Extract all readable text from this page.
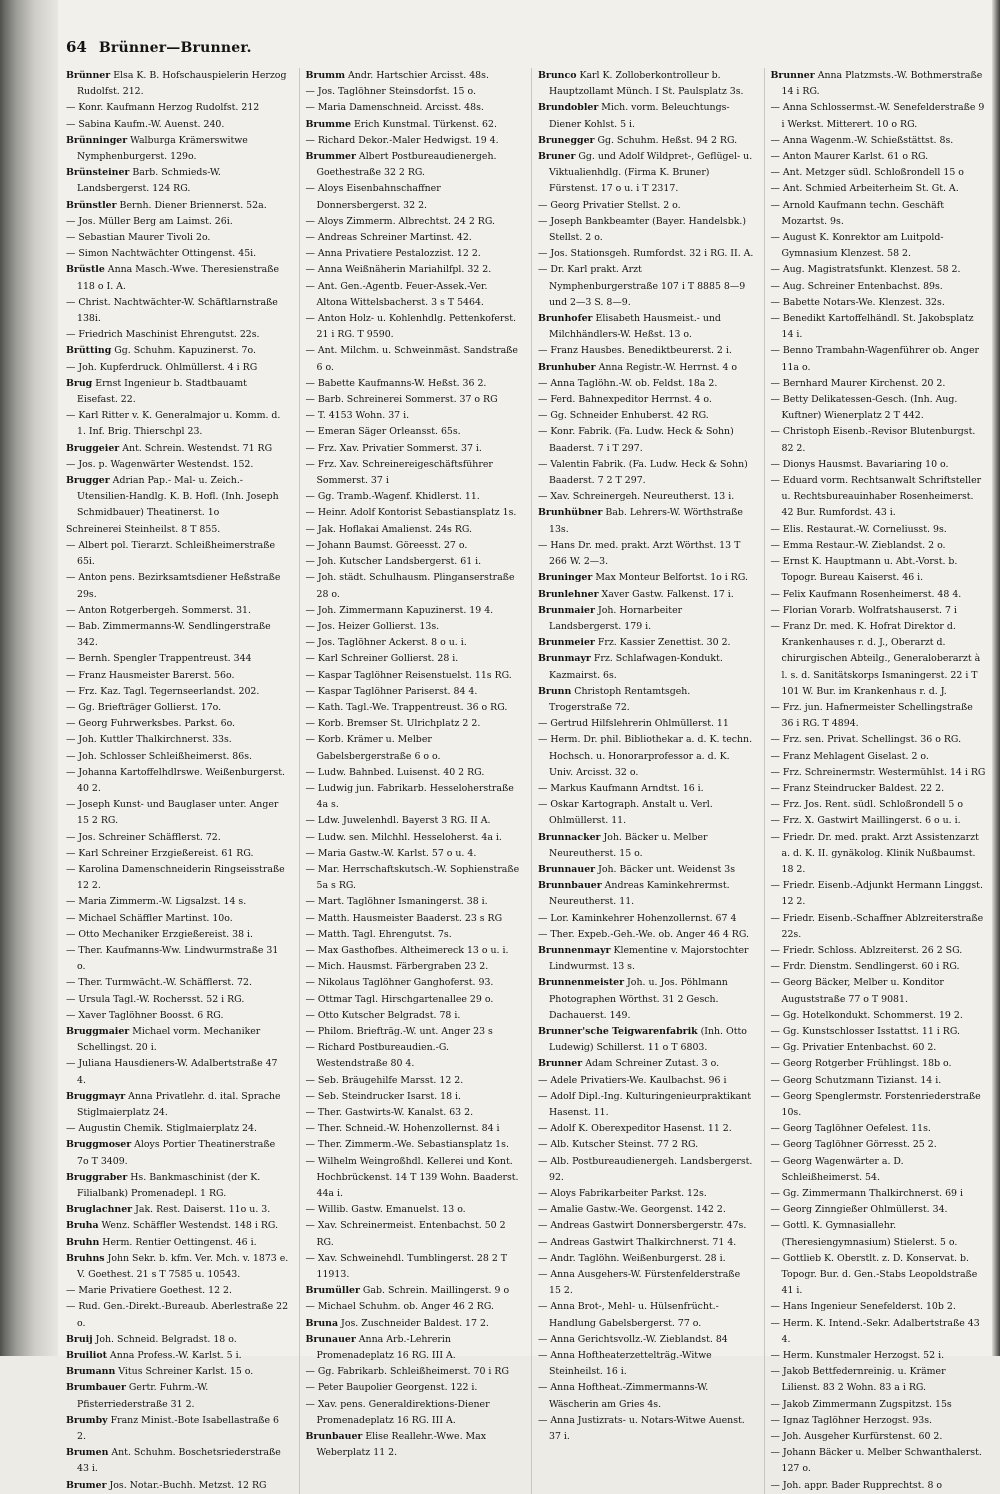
64 Brünner—Brunner.

Brünner Elsa K. B. Hofschauspielerin Herzog Rudolfst. 212.

— Konr. Kaufmann Herzog Rudolfst. 212

— Sabina Kaufm.-W. Auenst. 240.

Brünninger Walburga Krämerswitwe Nymphenburgerst. 129o.

Brünsteiner Barb. Schmieds-W. Landsbergerst. 124 RG.

Brünstler Bernh. Diener Briennerst. 52a.

— Jos. Müller Berg am Laimst. 26i.

— Sebastian Maurer Tivoli 2o.

— Simon Nachtwächter Ottingenst. 45i.

Brüstle Anna Masch.-Wwe. Theresienstraße 118 o I. A.

— Christ. Nachtwächter-W. Schäftlarnstraße 138i.

— Friedrich Maschinist Ehrengutst. 22s.

Brütting Gg. Schuhm. Kapuzinerst. 7o.

— Joh. Kupferdruck. Ohlmüllerst. 4 i RG

Brug Ernst Ingenieur b. Stadtbauamt Eisefast. 22.

— Karl Ritter v. K. Generalmajor u. Komm. d. 1. Inf. Brig. Thierschpl 23.

Bruggeier Ant. Schrein. Westendst. 71 RG

— Jos. p. Wagenwärter Westendst. 152.

Brugger Adrian Pap.- Mal- u. Zeich.-Utensilien-Handlg. K. B. Hofl. (Inh. Joseph Schmidbauer) Theatinerst. 1o

Schreinerei Steinheilst. 8 T 855.

— Albert pol. Tierarzt. Schleißheimerstraße 65i.

— Anton pens. Bezirksamtsdiener Heßstraße 29s.

— Anton Rotgerbergeh. Sommerst. 31.

— Bab. Zimmermanns-W. Sendlingerstraße 342.

— Bernh. Spengler Trappentreust. 344

— Franz Hausmeister Barerst. 56o.

— Frz. Kaz. Tagl. Tegernseerlandst. 202.

— Gg. Briefträger Gollierst. 17o.

— Georg Fuhrwerksbes. Parkst. 6o.

— Joh. Kuttler Thalkirchnerst. 33s.

— Joh. Schlosser Schleißheimerst. 86s.

— Johanna Kartoffelhdlrswe. Weißenburgerst. 40 2.

— Joseph Kunst- und Bauglaser unter. Anger 15 2 RG.

— Jos. Schreiner Schäfflerst. 72.

— Karl Schreiner Erzgießereist. 61 RG.

— Karolina Damenschneiderin Ringseisstraße 12 2.

— Maria Zimmerm.-W. Ligsalzst. 14 s.

— Michael Schäffler Martinst. 10o.

— Otto Mechaniker Erzgießereist. 38 i.

— Ther. Kaufmanns-Ww. Lindwurmstraße 31 o.

— Ther. Turmwächt.-W. Schäfflerst. 72.

— Ursula Tagl.-W. Rochersst. 52 i RG.

— Xaver Taglöhner Boosst. 6 RG.

Bruggmaier Michael vorm. Mechaniker Schellingst. 20 i.

— Juliana Hausdieners-W. Adalbertstraße 47 4.

Bruggmayr Anna Privatlehr. d. ital. Sprache Stiglmaierplatz 24.

— Augustin Chemik. Stiglmaierplatz 24.

Bruggmoser Aloys Portier Theatinerstraße 7o T 3409.

Bruggraber Hs. Bankmaschinist (der K. Filialbank) Promenadepl. 1 RG.

Bruglachner Jak. Rest. Daiserst. 11o u. 3.

Bruha Wenz. Schäffler Westendst. 148 i RG.

Bruhn Herm. Rentier Oettingenst. 46 i.

Bruhns John Sekr. b. kfm. Ver. Mch. v. 1873 e. V. Goethest. 21 s T 7585 u. 10543.

— Marie Privatiere Goethest. 12 2.

— Rud. Gen.-Direkt.-Bureaub. Aberlestraße 22 o.

Bruij Joh. Schneid. Belgradst. 18 o.

Bruiliot Anna Profess.-W. Karlst. 5 i.

Brumann Vitus Schreiner Karlst. 15 o.

Brumbauer Gertr. Fuhrm.-W. Pfisterriederstraße 31 2.

Brumby Franz Minist.-Bote Isabellastraße 6 2.

Brumen Ant. Schuhm. Boschetsriederstraße 43 i.

Brumer Jos. Notar.-Buchh. Metzst. 12 RG

Brumm Andr. Hartschier Arcisst. 48s.

— Jos. Taglöhner Steinsdorfst. 15 o.

— Maria Damenschneid. Arcisst. 48s.

Brumme Erich Kunstmal. Türkenst. 62.

— Richard Dekor.-Maler Hedwigst. 19 4.

Brummer Albert Postbureaudienergeh. Goethestraße 32 2 RG.

— Aloys Eisenbahnschaffner Donnersbergerst. 32 2.

— Aloys Zimmerm. Albrechtst. 24 2 RG.

— Andreas Schreiner Martinst. 42.

— Anna Privatiere Pestalozzist. 12 2.

— Anna Weißnäherin Mariahilfpl. 32 2.

— Ant. Gen.-Agentb. Feuer-Assek.-Ver. Altona Wittelsbacherst. 3 s T 5464.

— Anton Holz- u. Kohlenhdlg. Pettenkoferst. 21 i RG. T 9590.

— Ant. Milchm. u. Schweinmäst. Sandstraße 6 o.

— Babette Kaufmanns-W. Heßst. 36 2.

— Barb. Schreinerei Sommerst. 37 o RG

— T. 4153 Wohn. 37 i.

— Emeran Säger Orleansst. 65s.

— Frz. Xav. Privatier Sommerst. 37 i.

— Frz. Xav. Schreinereigeschäftsführer Sommerst. 37 i

— Gg. Tramb.-Wagenf. Khidlerst. 11.

— Heinr. Adolf Kontorist Sebastiansplatz 1s.

— Jak. Hoflakai Amalienst. 24s RG.

— Johann Baumst. Göreesst. 27 o.

— Joh. Kutscher Landsbergerst. 61 i.

— Joh. städt. Schulhausm. Plinganserstraße 28 o.

— Joh. Zimmermann Kapuzinerst. 19 4.

— Jos. Heizer Gollierst. 13s.

— Jos. Taglöhner Ackerst. 8 o u. i.

— Karl Schreiner Gollierst. 28 i.

— Kaspar Taglöhner Reisenstuelst. 11s RG.

— Kaspar Taglöhner Pariserst. 84 4.

— Kath. Tagl.-We. Trappentreust. 36 o RG.

— Korb. Bremser St. Ulrichplatz 2 2.

— Korb. Krämer u. Melber Gabelsbergerstraße 6 o o.

— Ludw. Bahnbed. Luisenst. 40 2 RG.

— Ludwig jun. Fabrikarb. Hesseloherstraße 4a s.

— Ldw. Juwelenhdl. Bayerst 3 RG. II A.

— Ludw. sen. Milchhl. Hesseloherst. 4a i.

— Maria Gastw.-W. Karlst. 57 o u. 4.

— Mar. Herrschaftskutsch.-W. Sophienstraße 5a s RG.

— Mart. Taglöhner Ismaningerst. 38 i.

— Matth. Hausmeister Baaderst. 23 s RG

— Matth. Tagl. Ehrengutst. 7s.

— Max Gasthofbes. Altheimereck 13 o u. i.

— Mich. Hausmst. Färbergraben 23 2.

— Nikolaus Taglöhner Ganghoferst. 93.

— Ottmar Tagl. Hirschgartenallee 29 o.

— Otto Kutscher Belgradst. 78 i.

— Philom. Briefträg.-W. unt. Anger 23 s

— Richard Postbureaudien.-G. Westendstraße 80 4.

— Seb. Bräugehilfe Marsst. 12 2.

— Seb. Steindrucker Isarst. 18 i.

— Ther. Gastwirts-W. Kanalst. 63 2.

— Ther. Schneid.-W. Hohenzollernst. 84 i

— Ther. Zimmerm.-We. Sebastiansplatz 1s.

— Wilhelm Weingroßhdl. Kellerei und Kont. Hochbrückenst. 14 T 139 Wohn. Baaderst. 44a i.

— Willib. Gastw. Emanuelst. 13 o.

— Xav. Schreinermeist. Entenbachst. 50 2 RG.

— Xav. Schweinehdl. Tumblingerst. 28 2 T 11913.

Brumüller Gab. Schrein. Maillingerst. 9 o

— Michael Schuhm. ob. Anger 46 2 RG.

Bruna Jos. Zuschneider Baldest. 17 2.

Brunauer Anna Arb.-Lehrerin Promenadeplatz 16 RG. III A.

— Gg. Fabrikarb. Schleißheimerst. 70 i RG

— Peter Baupolier Georgenst. 122 i.

— Xav. pens. Generaldirektions-Diener Promenadeplatz 16 RG. III A.

Brunbauer Elise Reallehr.-Wwe. Max Weberplatz 11 2.

Brunco Karl K. Zolloberkontrolleur b. Hauptzollamt Münch. I St. Paulsplatz 3s.

Brundobler Mich. vorm. Beleuchtungs-Diener Kohlst. 5 i.

Brunegger Gg. Schuhm. Heßst. 94 2 RG.

Bruner Gg. und Adolf Wildpret-, Geflügel- u. Viktualienhdlg. (Firma K. Bruner) Fürstenst. 17 o u. i T 2317.

— Georg Privatier Stellst. 2 o.

— Joseph Bankbeamter (Bayer. Handelsbk.) Stellst. 2 o.

— Jos. Stationsgeh. Rumfordst. 32 i RG. II. A.

— Dr. Karl prakt. Arzt Nymphenburgerstraße 107 i T 8885 8—9 und 2—3 S. 8—9.

Brunhofer Elisabeth Hausmeist.- und Milchhändlers-W. Heßst. 13 o.

— Franz Hausbes. Benediktbeurerst. 2 i.

Brunhuber Anna Registr.-W. Herrnst. 4 o

— Anna Taglöhn.-W. ob. Feldst. 18a 2.

— Ferd. Bahnexpeditor Herrnst. 4 o.

— Gg. Schneider Enhuberst. 42 RG.

— Konr. Fabrik. (Fa. Ludw. Heck & Sohn) Baaderst. 7 i T 297.

— Valentin Fabrik. (Fa. Ludw. Heck & Sohn) Baaderst. 7 2 T 297.

— Xav. Schreinergeh. Neureutherst. 13 i.

Brunhübner Bab. Lehrers-W. Wörthstraße 13s.

— Hans Dr. med. prakt. Arzt Wörthst. 13 T 266 W. 2—3.

Bruninger Max Monteur Belfortst. 1o i RG.

Brunlehner Xaver Gastw. Falkenst. 17 i.

Brunmaier Joh. Hornarbeiter Landsbergerst. 179 i.

Brunmeier Frz. Kassier Zenettist. 30 2.

Brunmayr Frz. Schlafwagen-Kondukt. Kazmairst. 6s.

Brunn Christoph Rentamtsgeh. Trogerstraße 72.

— Gertrud Hilfslehrerin Ohlmüllerst. 11

— Herm. Dr. phil. Bibliothekar a. d. K. techn. Hochsch. u. Honorarprofessor a. d. K. Univ. Arcisst. 32 o.

— Markus Kaufmann Arndtst. 16 i.

— Oskar Kartograph. Anstalt u. Verl. Ohlmüllerst. 11.

Brunnacker Joh. Bäcker u. Melber Neureutherst. 15 o.

Brunnauer Joh. Bäcker unt. Weidenst 3s

Brunnbauer Andreas Kaminkehrermst. Neureutherst. 11.

— Lor. Kaminkehrer Hohenzollernst. 67 4

— Ther. Expeb.-Geh.-We. ob. Anger 46 4 RG.

Brunnenmayr Klementine v. Majorstochter Lindwurmst. 13 s.

Brunnenmeister Joh. u. Jos. Pöhlmann Photographen Wörthst. 31 2 Gesch. Dachauerst. 149.

Brunner'sche Teigwarenfabrik (Inh. Otto Ludewig) Schillerst. 11 o T 6803.

Brunner Adam Schreiner Zutast. 3 o.

— Adele Privatiers-We. Kaulbachst. 96 i

— Adolf Dipl.-Ing. Kulturingenieurpraktikant Hasenst. 11.

— Adolf K. Oberexpeditor Hasenst. 11 2.

— Alb. Kutscher Steinst. 77 2 RG.

— Alb. Postbureaudienergeh. Landsbergerst. 92.

— Aloys Fabrikarbeiter Parkst. 12s.

— Amalie Gastw.-We. Georgenst. 142 2.

— Andreas Gastwirt Donnersbergerstr. 47s.

— Andreas Gastwirt Thalkirchnerst. 71 4.

— Andr. Taglöhn. Weißenburgerst. 28 i.

— Anna Ausgehers-W. Fürstenfelderstraße 15 2.

— Anna Brot-, Mehl- u. Hülsenfrücht.-Handlung Gabelsbergerst. 77 o.

— Anna Gerichtsvollz.-W. Zieblandst. 84

— Anna Hoftheaterzettelträg.-Witwe Steinheilst. 16 i.

— Anna Hoftheat.-Zimmermanns-W. Wäscherin am Gries 4s.

— Anna Justizrats- u. Notars-Witwe Auenst. 37 i.

Brunner Anna Platzmsts.-W. Bothmerstraße 14 i RG.

— Anna Schlossermst.-W. Senefelderstraße 9 i Werkst. Mitterert. 10 o RG.

— Anna Wagenm.-W. Schießstättst. 8s.

— Anton Maurer Karlst. 61 o RG.

— Ant. Metzger südl. Schloßrondell 15 o

— Ant. Schmied Arbeiterheim St. Gt. A.

— Arnold Kaufmann techn. Geschäft Mozartst. 9s.

— August K. Konrektor am Luitpold-Gymnasium Klenzest. 58 2.

— Aug. Magistratsfunkt. Klenzest. 58 2.

— Aug. Schreiner Entenbachst. 89s.

— Babette Notars-We. Klenzest. 32s.

— Benedikt Kartoffelhändl. St. Jakobsplatz 14 i.

— Benno Trambahn-Wagenführer ob. Anger 11a o.

— Bernhard Maurer Kirchenst. 20 2.

— Betty Delikatessen-Gesch. (Inh. Aug. Kuftner) Wienerplatz 2 T 442.

— Christoph Eisenb.-Revisor Blutenburgst. 82 2.

— Dionys Hausmst. Bavariaring 10 o.

— Eduard vorm. Rechtsanwalt Schriftsteller u. Rechtsbureauinhaber Rosenheimerst. 42 Bur. Rumfordst. 43 i.

— Elis. Restaurat.-W. Corneliusst. 9s.

— Emma Restaur.-W. Zieblandst. 2 o.

— Ernst K. Hauptmann u. Abt.-Vorst. b. Topogr. Bureau Kaiserst. 46 i.

— Felix Kaufmann Rosenheimerst. 48 4.

— Florian Vorarb. Wolfratshauserst. 7 i

— Franz Dr. med. K. Hofrat Direktor d. Krankenhauses r. d. J., Oberarzt d. chirurgischen Abteilg., Generaloberarzt à l. s. d. Sanitätskorps Ismaningerst. 22 i T 101 W. Bur. im Krankenhaus r. d. J.

— Frz. jun. Hafnermeister Schellingstraße 36 i RG. T 4894.

— Frz. sen. Privat. Schellingst. 36 o RG.

— Franz Mehlagent Giselast. 2 o.

— Frz. Schreinermstr. Westermühlst. 14 i RG

— Franz Steindrucker Baldest. 22 2.

— Frz. Jos. Rent. südl. Schloßrondell 5 o

— Frz. X. Gastwirt Maillingerst. 6 o u. i.

— Friedr. Dr. med. prakt. Arzt Assistenzarzt a. d. K. II. gynäkolog. Klinik Nußbaumst. 18 2.

— Friedr. Eisenb.-Adjunkt Hermann Linggst. 12 2.

— Friedr. Eisenb.-Schaffner Ablzreiterstraße 22s.

— Friedr. Schloss. Ablzreiterst. 26 2 SG.

— Frdr. Dienstm. Sendlingerst. 60 i RG.

— Georg Bäcker, Melber u. Konditor Auguststraße 77 o T 9081.

— Gg. Hotelkondukt. Schommerst. 19 2.

— Gg. Kunstschlosser Isstattst. 11 i RG.

— Gg. Privatier Entenbachst. 60 2.

— Georg Rotgerber Frühlingst. 18b o.

— Georg Schutzmann Tizianst. 14 i.

— Georg Spenglermstr. Forstenriederstraße 10s.

— Georg Taglöhner Oefelest. 11s.

— Georg Taglöhner Görresst. 25 2.

— Georg Wagenwärter a. D. Schleißheimerst. 54.

— Gg. Zimmermann Thalkirchnerst. 69 i

— Georg Zinngießer Ohlmüllerst. 34.

— Gottl. K. Gymnasiallehr. (Theresiengymnasium) Stielerst. 5 o.

— Gottlieb K. Oberstlt. z. D. Konservat. b. Topogr. Bur. d. Gen.-Stabs Leopoldstraße 41 i.

— Hans Ingenieur Senefelderst. 10b 2.

— Herm. K. Intend.-Sekr. Adalbertstraße 43 4.

— Herm. Kunstmaler Herzogst. 52 i.

— Jakob Bettfedernreinig. u. Krämer Lilienst. 83 2 Wohn. 83 a i RG.

— Jakob Zimmermann Zugspitzst. 15s

— Ignaz Taglöhner Herzogst. 93s.

— Joh. Ausgeher Kurfürstenst. 60 2.

— Johann Bäcker u. Melber Schwanthalerst. 127 o.

— Joh. appr. Bader Rupprechtst. 8 o
